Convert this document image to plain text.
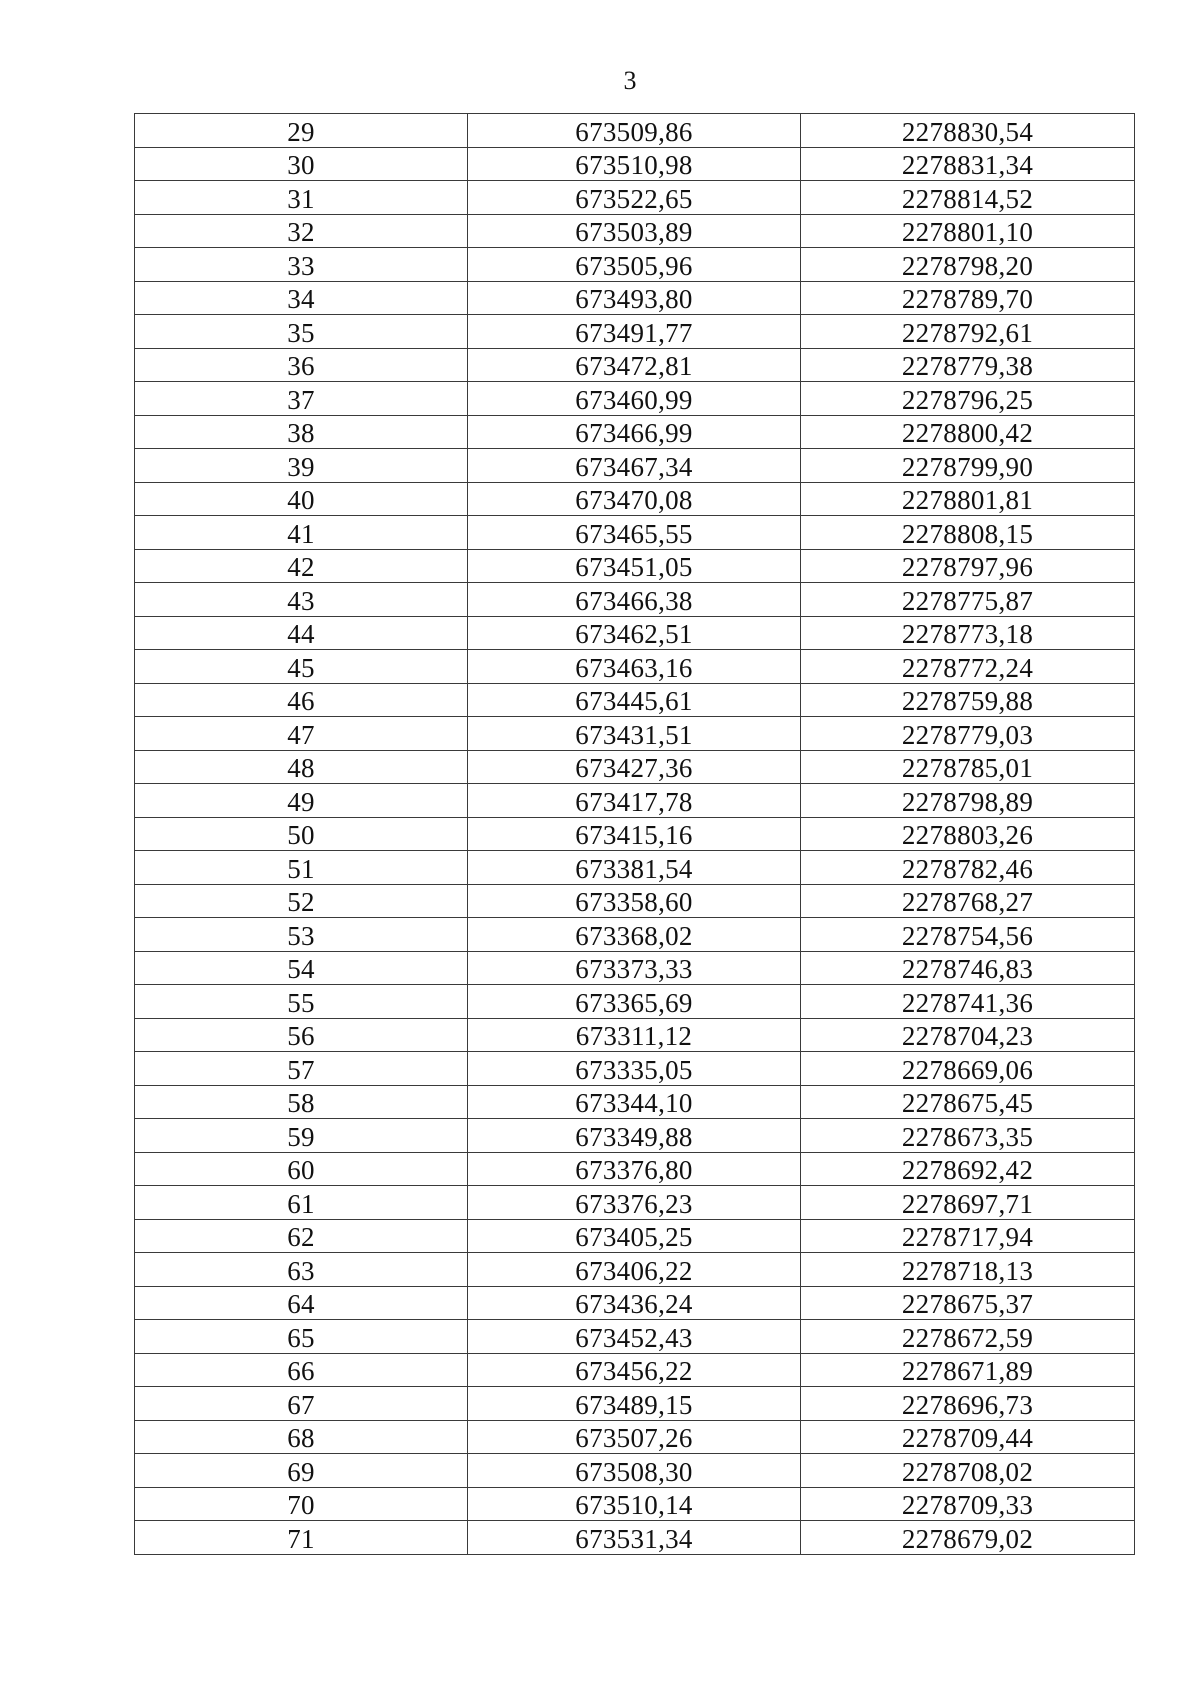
3
29	673509,86	2278830,54
30	673510,98	2278831,34
31	673522,65	2278814,52
32	673503,89	2278801,10
33	673505,96	2278798,20
34	673493,80	2278789,70
35	673491,77	2278792,61
36	673472,81	2278779,38
37	673460,99	2278796,25
38	673466,99	2278800,42
39	673467,34	2278799,90
40	673470,08	2278801,81
41	673465,55	2278808,15
42	673451,05	2278797,96
43	673466,38	2278775,87
44	673462,51	2278773,18
45	673463,16	2278772,24
46	673445,61	2278759,88
47	673431,51	2278779,03
48	673427,36	2278785,01
49	673417,78	2278798,89
50	673415,16	2278803,26
51	673381,54	2278782,46
52	673358,60	2278768,27
53	673368,02	2278754,56
54	673373,33	2278746,83
55	673365,69	2278741,36
56	673311,12	2278704,23
57	673335,05	2278669,06
58	673344,10	2278675,45
59	673349,88	2278673,35
60	673376,80	2278692,42
61	673376,23	2278697,71
62	673405,25	2278717,94
63	673406,22	2278718,13
64	673436,24	2278675,37
65	673452,43	2278672,59
66	673456,22	2278671,89
67	673489,15	2278696,73
68	673507,26	2278709,44
69	673508,30	2278708,02
70	673510,14	2278709,33
71	673531,34	2278679,02
